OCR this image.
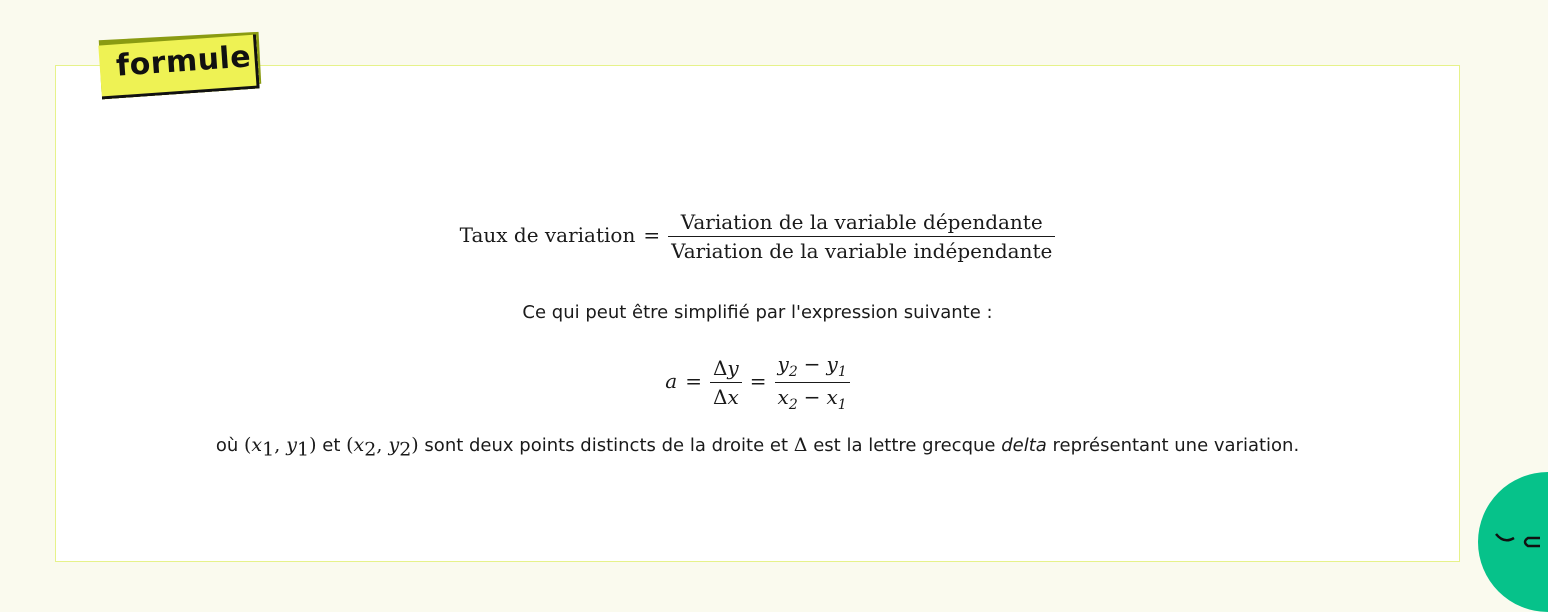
formule
Taux de variation = $\frac{\text{Variation de la variable dépendante}}{\text{Variation de la variable indépendante}}$
Ce qui peut être simplifié par l'expression suivante :
$a = \frac{\Delta y}{\Delta x} = \frac{y_2 - y_1}{x_2 - x_1}$
où ($x_1$, $y_1$) et ($x_2$, $y_2$) sont deux points distincts de la droite et Δ est la lettre grecque delta représentant une variation.
